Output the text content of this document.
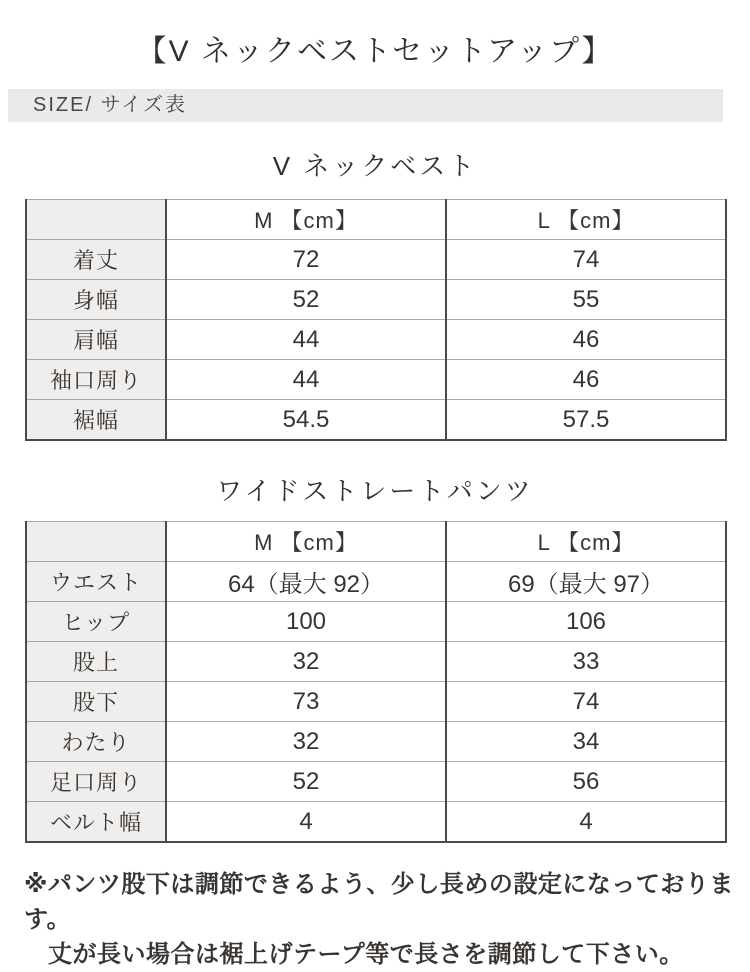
【V ネックベストセットアップ】
SIZE/ サイズ表
V ネックベスト
	M 【cm】	L 【cm】
着丈	72	74
身幅	52	55
肩幅	44	46
袖口周り	44	46
裾幅	54.5	57.5
ワイドストレートパンツ
	M 【cm】	L 【cm】
ウエスト	64（最大 92）	69（最大 97）
ヒップ	100	106
股上	32	33
股下	73	74
わたり	32	34
足口周り	52	56
ベルト幅	4	4
※パンツ股下は調節できるよう、少し長めの設定になっております。
丈が長い場合は裾上げテープ等で長さを調節して下さい。
